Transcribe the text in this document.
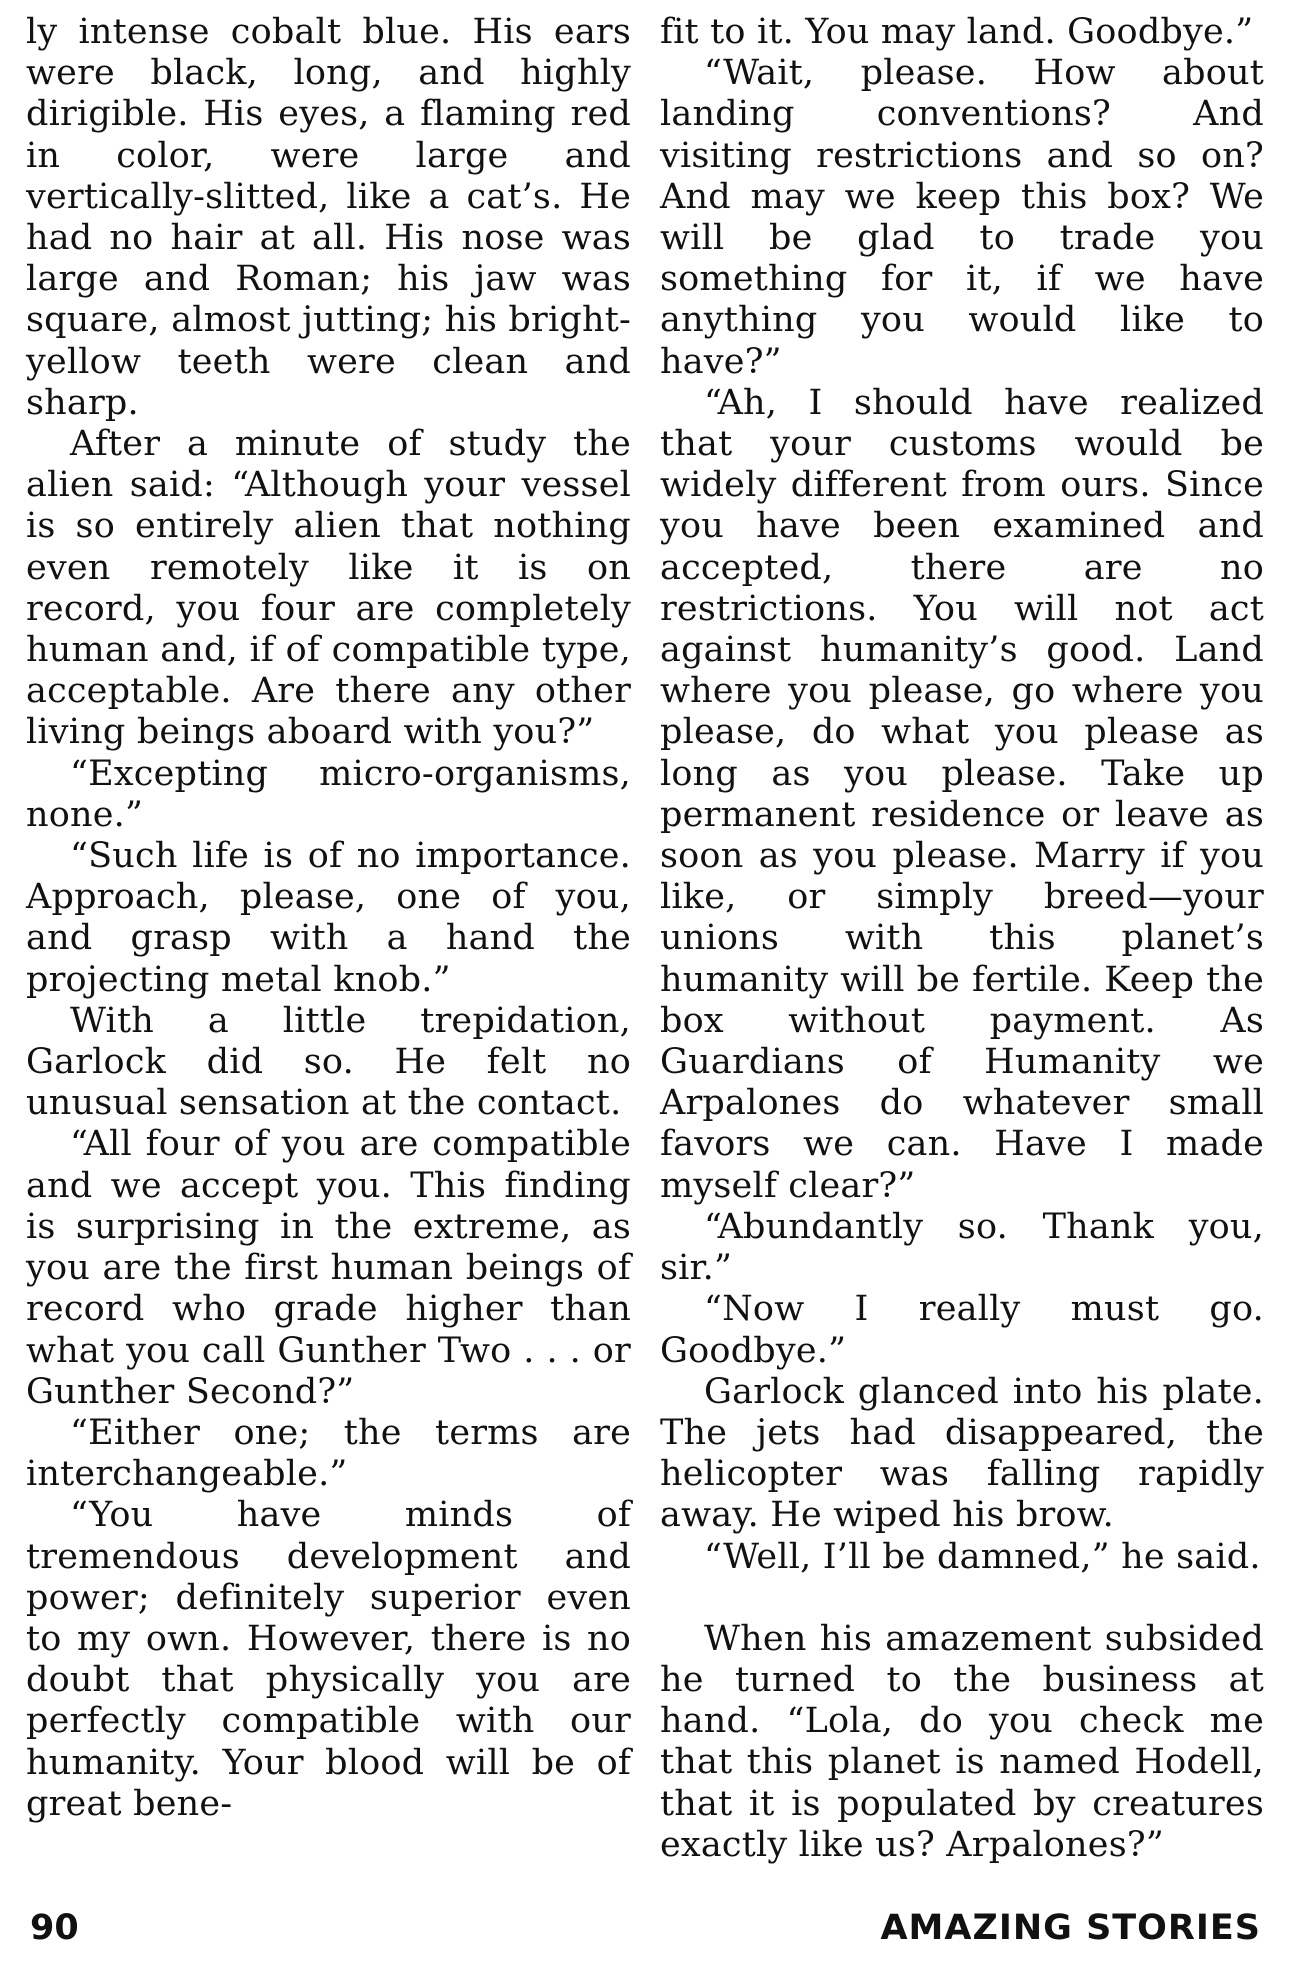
ly intense cobalt blue. His ears were black, long, and highly dirigible. His eyes, a flaming red in color, were large and vertically-slitted, like a cat’s. He had no hair at all. His nose was large and Roman; his jaw was square, almost jutting; his bright-yellow teeth were clean and sharp.

After a minute of study the alien said: “Although your vessel is so entirely alien that nothing even remotely like it is on record, you four are completely human and, if of compatible type, acceptable. Are there any other living beings aboard with you?”

“Excepting micro-organisms, none.”

“Such life is of no importance. Approach, please, one of you, and grasp with a hand the projecting metal knob.”

With a little trepidation, Garlock did so. He felt no unusual sensation at the contact.

“All four of you are compatible and we accept you. This finding is surprising in the extreme, as you are the first human beings of record who grade higher than what you call Gunther Two . . . or Gunther Second?”

“Either one; the terms are interchangeable.”

“You have minds of tremendous development and power; definitely superior even to my own. However, there is no doubt that physically you are perfectly compatible with our humanity. Your blood will be of great bene-

fit to it. You may land. Goodbye.”

“Wait, please. How about landing conventions? And visiting restrictions and so on? And may we keep this box? We will be glad to trade you something for it, if we have anything you would like to have?”

“Ah, I should have realized that your customs would be widely different from ours. Since you have been examined and accepted, there are no restrictions. You will not act against humanity’s good. Land where you please, go where you please, do what you please as long as you please. Take up permanent residence or leave as soon as you please. Marry if you like, or simply breed—your unions with this planet’s humanity will be fertile. Keep the box without payment. As Guardians of Humanity we Arpalones do whatever small favors we can. Have I made myself clear?”

“Abundantly so. Thank you, sir.”

“Now I really must go. Goodbye.”

Garlock glanced into his plate. The jets had disappeared, the helicopter was falling rapidly away. He wiped his brow.

“Well, I’ll be damned,” he said.

When his amazement subsided he turned to the business at hand. “Lola, do you check me that this planet is named Hodell, that it is populated by creatures exactly like us? Arpalones?”

90	AMAZING STORIES
